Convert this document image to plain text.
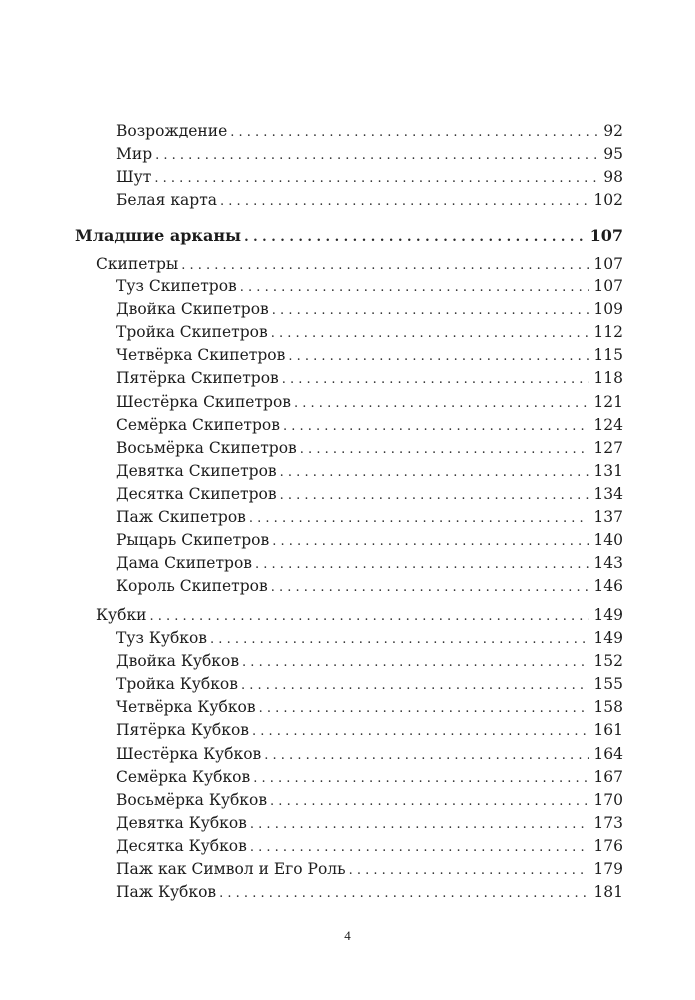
Возрождение . . .	92
Мир . . .	95
Шут . . .	98
Белая карта . . .	102
Младшие арканы . . .	107
Скипетры . . .	107
Туз Скипетров . . .	107
Двойка Скипетров . . .	109
Тройка Скипетров . . .	112
Четвёрка Скипетров . . .	115
Пятёрка Скипетров . . .	118
Шестёрка Скипетров . . .	121
Семёрка Скипетров . . .	124
Восьмёрка Скипетров . . .	127
Девятка Скипетров . . .	131
Десятка Скипетров . . .	134
Паж Скипетров . . .	137
Рыцарь Скипетров . . .	140
Дама Скипетров . . .	143
Король Скипетров . . .	146
Кубки . . .	149
Туз Кубков . . .	149
Двойка Кубков . . .	152
Тройка Кубков . . .	155
Четвёрка Кубков . . .	158
Пятёрка Кубков . . .	161
Шестёрка Кубков . . .	164
Семёрка Кубков . . .	167
Восьмёрка Кубков . . .	170
Девятка Кубков . . .	173
Десятка Кубков . . .	176
Паж как Символ и Его Роль . . .	179
Паж Кубков . . .	181
4
